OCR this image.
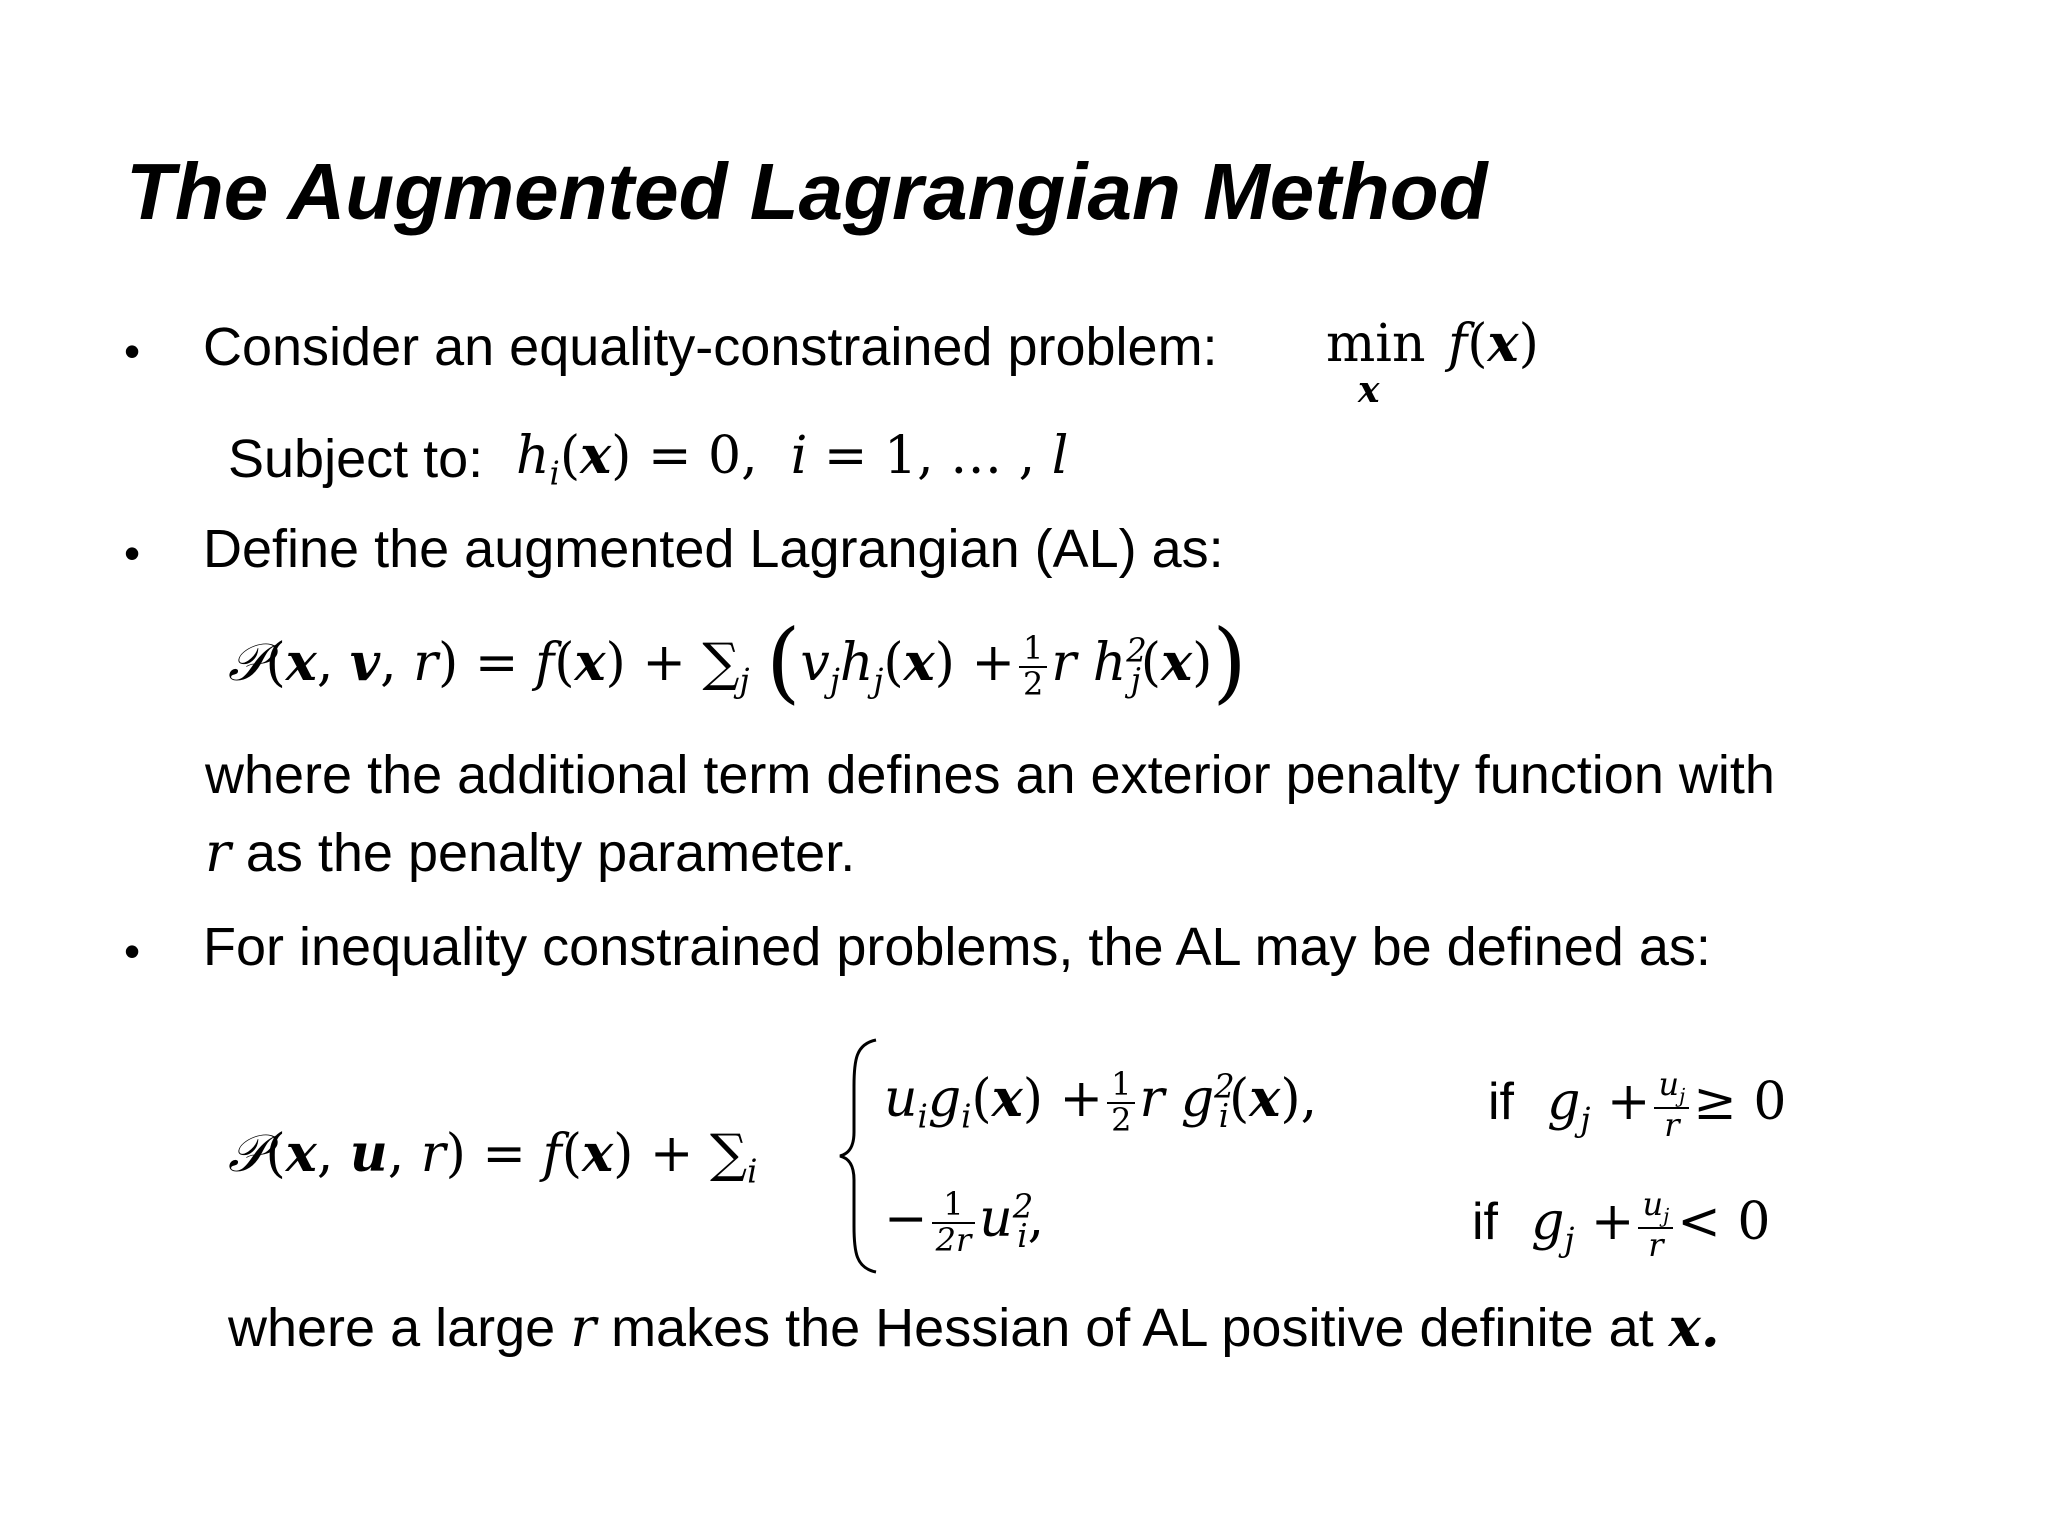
The Augmented Lagrangian Method
• Consider an equality-constrained problem: min
x
f(x)
Subject to: $h_i(x) = 0$,  i = 1, … , l
• Define the augmented Lagrangian (AL) as:
𝒫(x, v, $r) = f(x) + \sum_j$ ($v_jh_j(x) + \frac{1}{2}$ r $h^2_j(x)$)
where the additional term defines an exterior penalty function with
r as the penalty parameter.
• For inequality constrained problems, the AL may be defined as:
𝒫(x, u, $r) = f(x) + \sum_i$
$u_ig_i(x) + \frac{1}{2}$ r $g^2_i(x)$,	if $g_j + \frac{u_j}{r} \ge 0$
− $\frac{1}{2r} u^2_i$,	if $g_j + \frac{u_j}{r} < 0$
where a large r makes the Hessian of AL positive definite at x.
